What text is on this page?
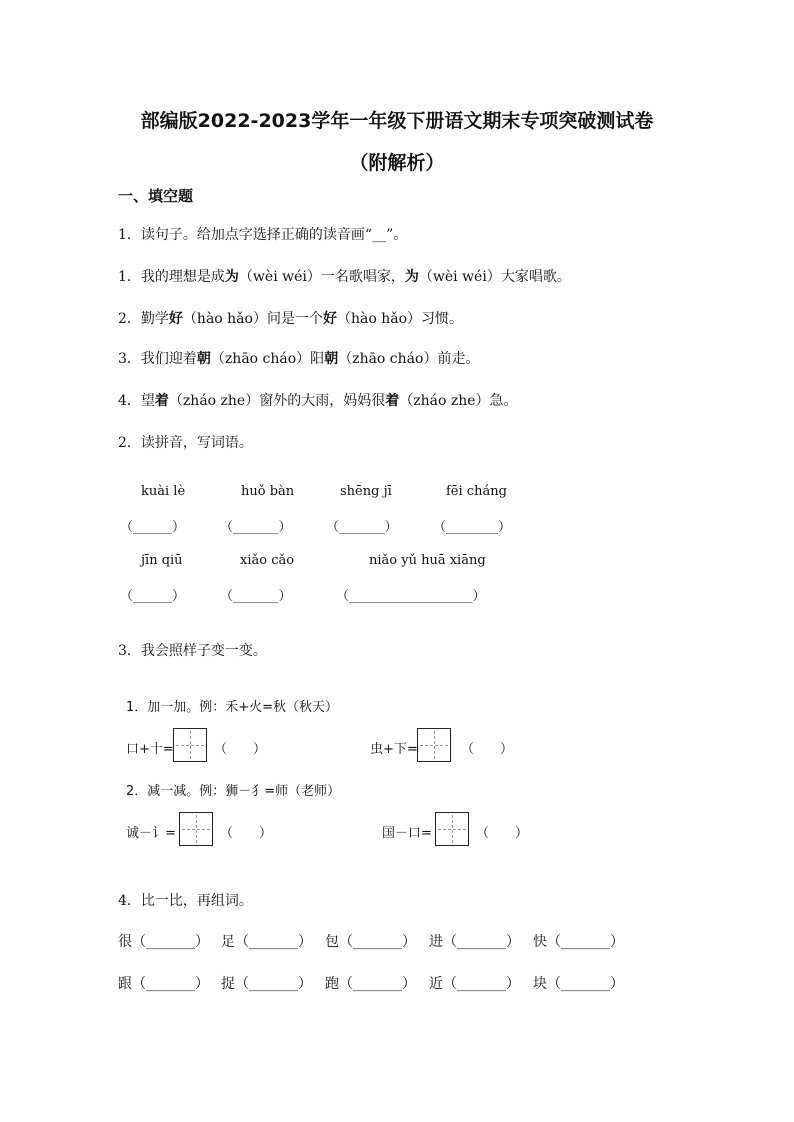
部编版2022-2023学年一年级下册语文期末专项突破测试卷
（附解析）
一、填空题
1．读句子。给加点字选择正确的读音画“__”。
1．我的理想是成为（wèi wéi）一名歌唱家，为（wèi wéi）大家唱歌。
2．勤学好（hào hǎo）问是一个好（hào hǎo）习惯。
3．我们迎着朝（zhāo cháo）阳朝（zhāo cháo）前走。
4．望着（zháo zhe）窗外的大雨，妈妈很着（zháo zhe）急。
2．读拼音，写词语。
kuài lè	huǒ bàn	shēng jī	fēi cháng
（______）	（_______）	（_______）	（________）
jīn qiū	xiǎo cǎo	niǎo yǔ huā xiāng
（______）	（_______）	（___________________）
3．我会照样子变一变。
1．加一加。例：禾+火=秋（秋天）
口+十=	（　　）	虫+下=	（　　）
2．减一减。例：狮－犭=师（老师）
诚－讠=	（　　）	国－口=	（　　）
4．比一比，再组词。
很（_______） 足（_______） 包（_______） 进（_______） 快（_______）
跟（_______） 捉（_______） 跑（_______） 近（_______） 块（_______）
